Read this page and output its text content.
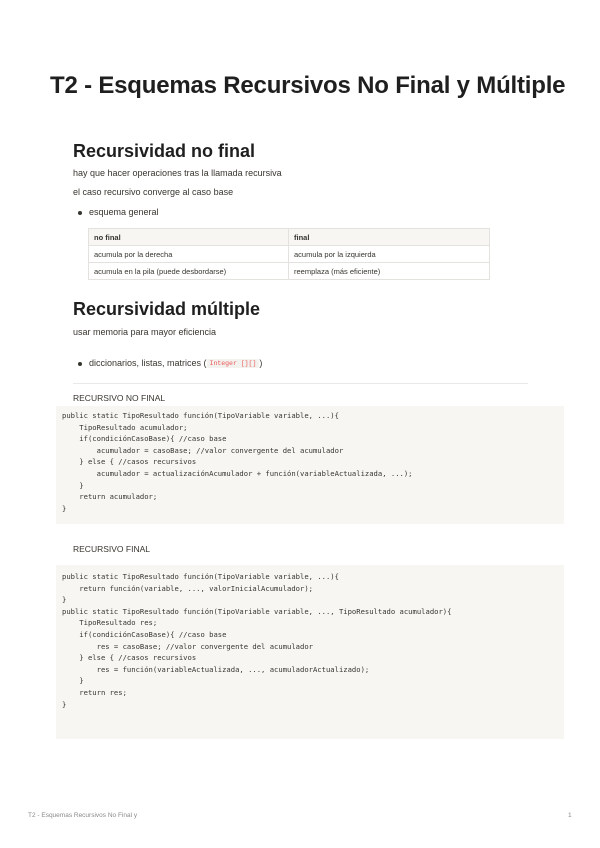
T2 - Esquemas Recursivos No Final y Múltiple
Recursividad no final
hay que hacer operaciones tras la llamada recursiva
el caso recursivo converge al caso base
esquema general
no final	final
acumula por la derecha	acumula por la izquierda
acumula en la pila (puede desbordarse)	reemplaza (más eficiente)
Recursividad múltiple
usar memoria para mayor eficiencia
diccionarios, listas, matrices ( Integer [][] )
RECURSIVO NO FINAL
public static TipoResultado función(TipoVariable variable, ...){
TipoResultado acumulador;
if(condiciónCasoBase){ //caso base
acumulador = casoBase; //valor convergente del acumulador
} else { //casos recursivos
acumulador = actualizaciónAcumulador + función(variableActualizada, ...);
}
return acumulador;
}
RECURSIVO FINAL
public static TipoResultado función(TipoVariable variable, ...){
return función(variable, ..., valorInicialAcumulador);
}
public static TipoResultado función(TipoVariable variable, ..., TipoResultado acumulador){
TipoResultado res;
if(condiciónCasoBase){ //caso base
res = casoBase; //valor convergente del acumulador
} else { //casos recursivos
res = función(variableActualizada, ..., acumuladorActualizado);
}
return res;
}
T2 - Esquemas Recursivos No Final y	1
